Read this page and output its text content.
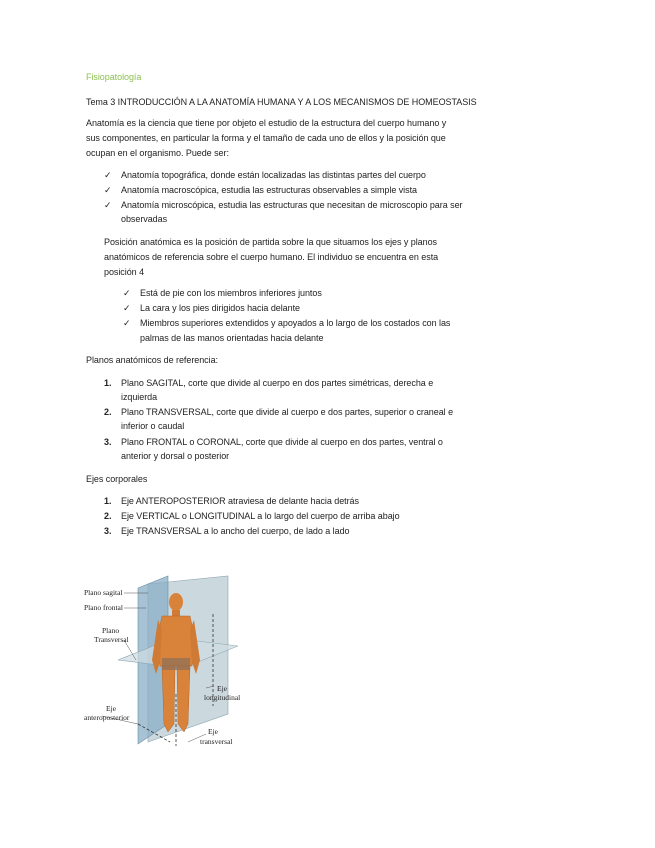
Fisiopatología
Tema 3 INTRODUCCIÓN A LA ANATOMÍA HUMANA Y A LOS MECANISMOS DE HOMEOSTASIS
Anatomía es la ciencia que tiene por objeto el estudio de la estructura del cuerpo humano y
sus componentes, en particular la forma y el tamaño de cada uno de ellos y la posición que
ocupan en el organismo. Puede ser:
✓ Anatomía topográfica, donde están localizadas las distintas partes del cuerpo
✓ Anatomía macroscópica, estudia las estructuras observables a simple vista
✓ Anatomía microscópica, estudia las estructuras que necesitan de microscopio para ser
observadas
Posición anatómica es la posición de partida sobre la que situamos los ejes y planos
anatómicos de referencia sobre el cuerpo humano. El individuo se encuentra en esta
posición 4
✓ Está de pie con los miembros inferiores juntos
✓ La cara y los pies dirigidos hacia delante
✓ Miembros superiores extendidos y apoyados a lo largo de los costados con las
palmas de las manos orientadas hacia delante
Planos anatómicos de referencia:
1. Plano SAGITAL, corte que divide al cuerpo en dos partes simétricas, derecha e
izquierda
2. Plano TRANSVERSAL, corte que divide al cuerpo e dos partes, superior o craneal e
inferior o caudal
3. Plano FRONTAL o CORONAL, corte que divide al cuerpo en dos partes, ventral o
anterior y dorsal o posterior
Ejes corporales
1. Eje ANTEROPOSTERIOR atraviesa de delante hacia detrás
2. Eje VERTICAL o LONGITUDINAL a lo largo del cuerpo de arriba abajo
3. Eje TRANSVERSAL a lo ancho del cuerpo, de lado a lado
Plano sagital
Plano frontal
Plano
Transversal
Eje
anteroposterior
Eje
longitudinal
Eje
transversal
